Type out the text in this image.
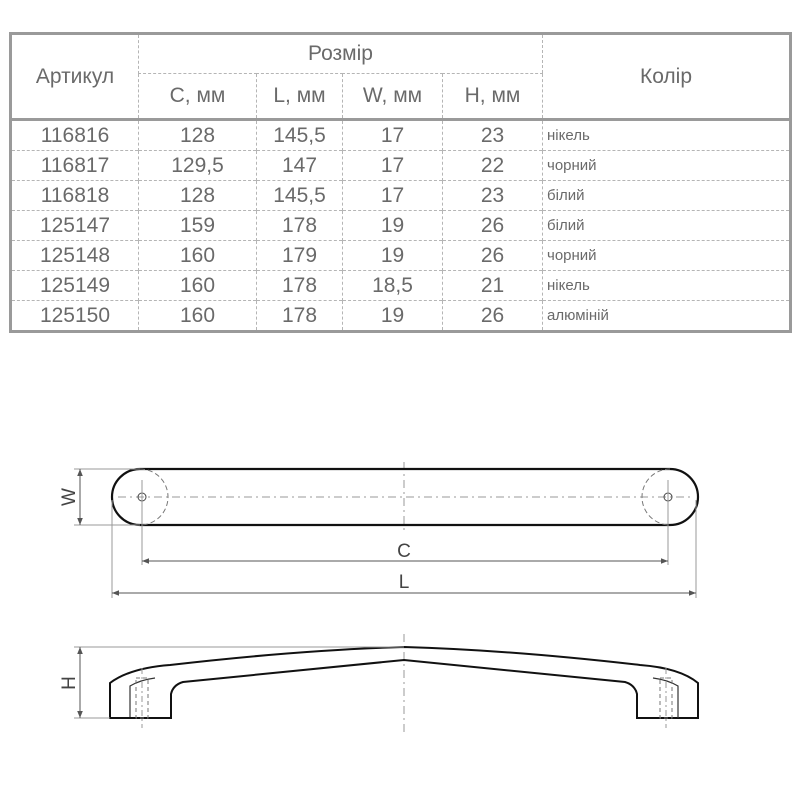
Артикул	Розмір				Колір
	C, мм	L, мм	W, мм	H, мм	
116816	128	145,5	17	23	нікель
116817	129,5	147	17	22	чорний
116818	128	145,5	17	23	білий
125147	159	178	19	26	білий
125148	160	179	19	26	чорний
125149	160	178	18,5	21	нікель
125150	160	178	19	26	алюміній
C
L
W
H
